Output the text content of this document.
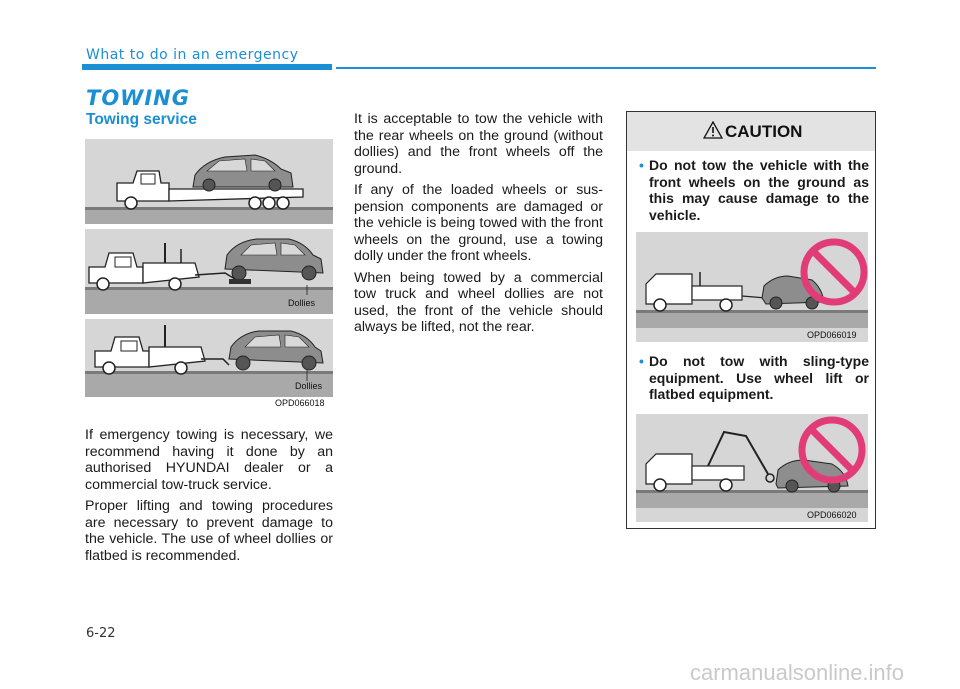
What to do in an emergency
TOWING
Towing service
Dollies
Dollies
OPD066018

If emergency towing is necessary, we recommend having it done by an authorised HYUNDAI dealer or a commercial tow-truck service.

Proper lifting and towing procedures are necessary to prevent damage to the vehicle. The use of wheel dollies or flatbed is recommended.

It is acceptable to tow the vehicle with the rear wheels on the ground (without dollies) and the front wheels off the ground.

If any of the loaded wheels or sus-pension components are damaged or the vehicle is being towed with the front wheels on the ground, use a towing dolly under the front wheels.

When being towed by a commercial tow truck and wheel dollies are not used, the front of the vehicle should always be lifted, not the rear.

CAUTION
• Do not tow the vehicle with the front wheels on the ground as this may cause damage to the vehicle.
OPD066019
• Do not tow with sling-type equipment. Use wheel lift or flatbed equipment.
OPD066020
6-22
carmanualsonline.info
